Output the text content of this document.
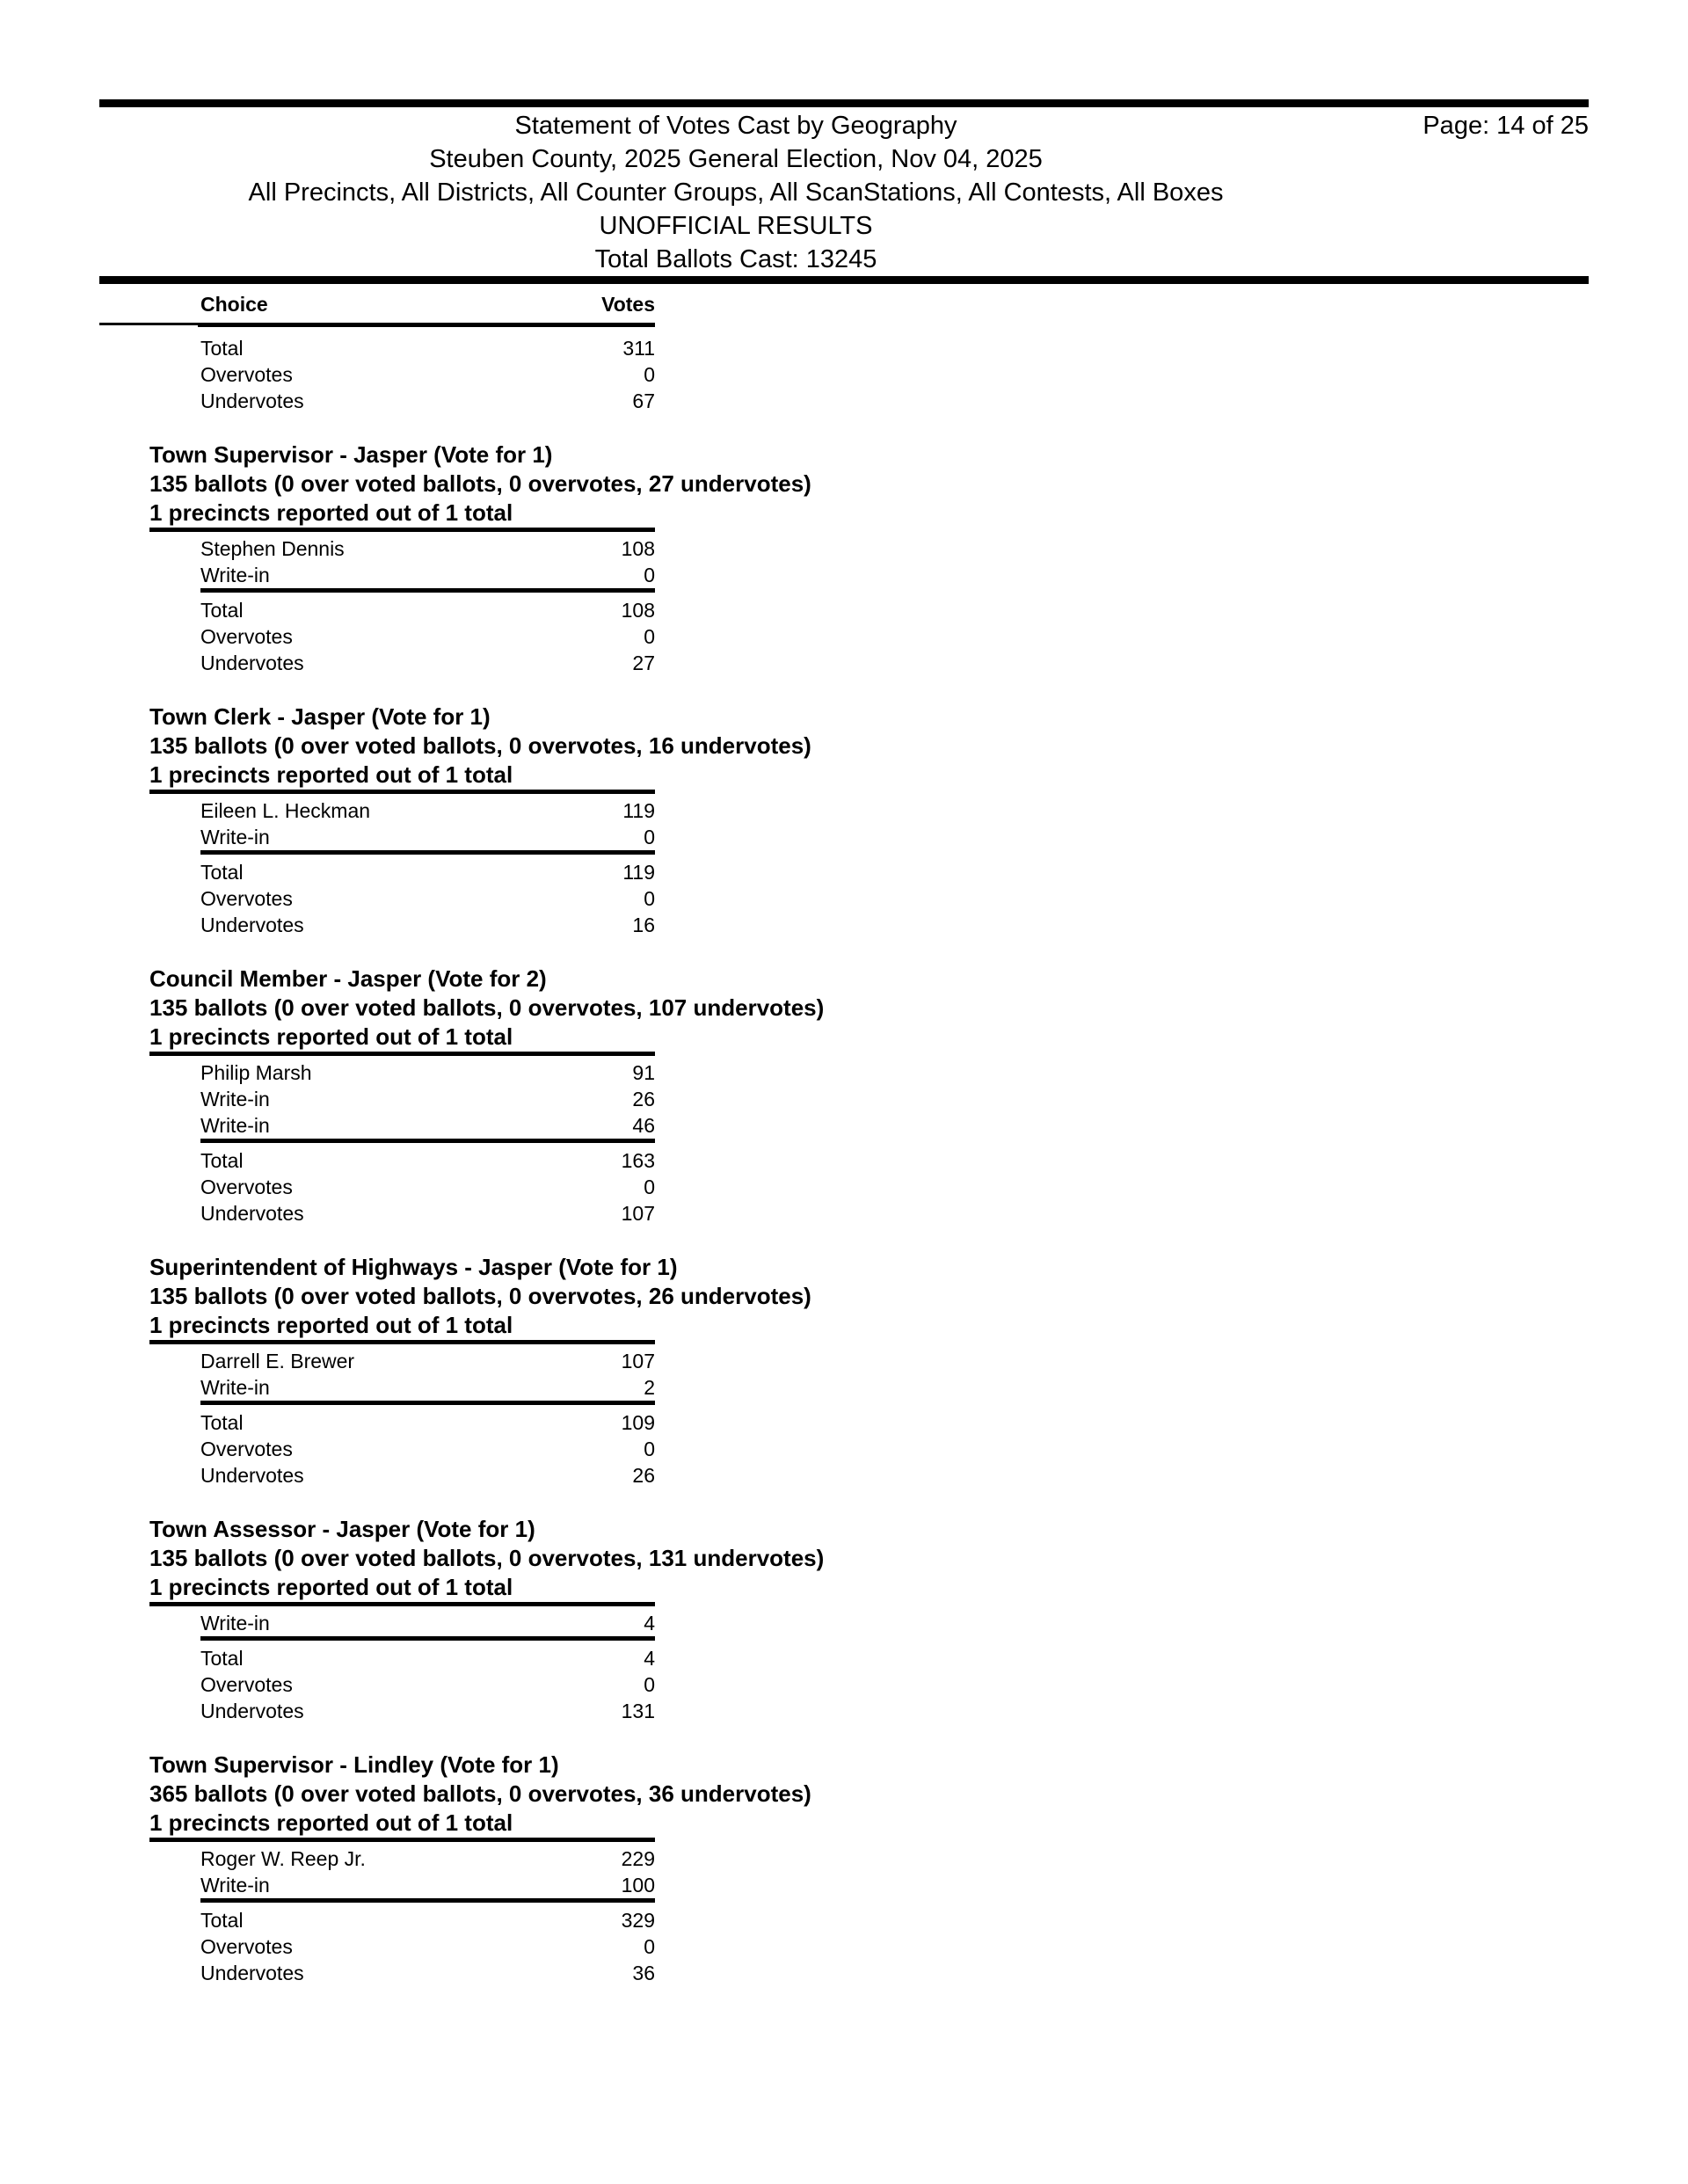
Statement of Votes Cast by Geography
Steuben County, 2025 General Election, Nov 04, 2025
All Precincts, All Districts, All Counter Groups, All ScanStations, All Contests, All Boxes
UNOFFICIAL RESULTS
Total Ballots Cast: 13245
Page: 14 of 25
Choice	Votes
Total	311
Overvotes	0
Undervotes	67
Town Supervisor - Jasper (Vote for 1)
135 ballots (0 over voted ballots, 0 overvotes, 27 undervotes)
1 precincts reported out of 1 total
Stephen Dennis	108
Write-in	0
Total	108
Overvotes	0
Undervotes	27
Town Clerk - Jasper (Vote for 1)
135 ballots (0 over voted ballots, 0 overvotes, 16 undervotes)
1 precincts reported out of 1 total
Eileen L. Heckman	119
Write-in	0
Total	119
Overvotes	0
Undervotes	16
Council Member - Jasper (Vote for 2)
135 ballots (0 over voted ballots, 0 overvotes, 107 undervotes)
1 precincts reported out of 1 total
Philip Marsh	91
Write-in	26
Write-in	46
Total	163
Overvotes	0
Undervotes	107
Superintendent of Highways - Jasper (Vote for 1)
135 ballots (0 over voted ballots, 0 overvotes, 26 undervotes)
1 precincts reported out of 1 total
Darrell E. Brewer	107
Write-in	2
Total	109
Overvotes	0
Undervotes	26
Town Assessor - Jasper (Vote for 1)
135 ballots (0 over voted ballots, 0 overvotes, 131 undervotes)
1 precincts reported out of 1 total
Write-in	4
Total	4
Overvotes	0
Undervotes	131
Town Supervisor - Lindley (Vote for 1)
365 ballots (0 over voted ballots, 0 overvotes, 36 undervotes)
1 precincts reported out of 1 total
Roger W. Reep Jr.	229
Write-in	100
Total	329
Overvotes	0
Undervotes	36
